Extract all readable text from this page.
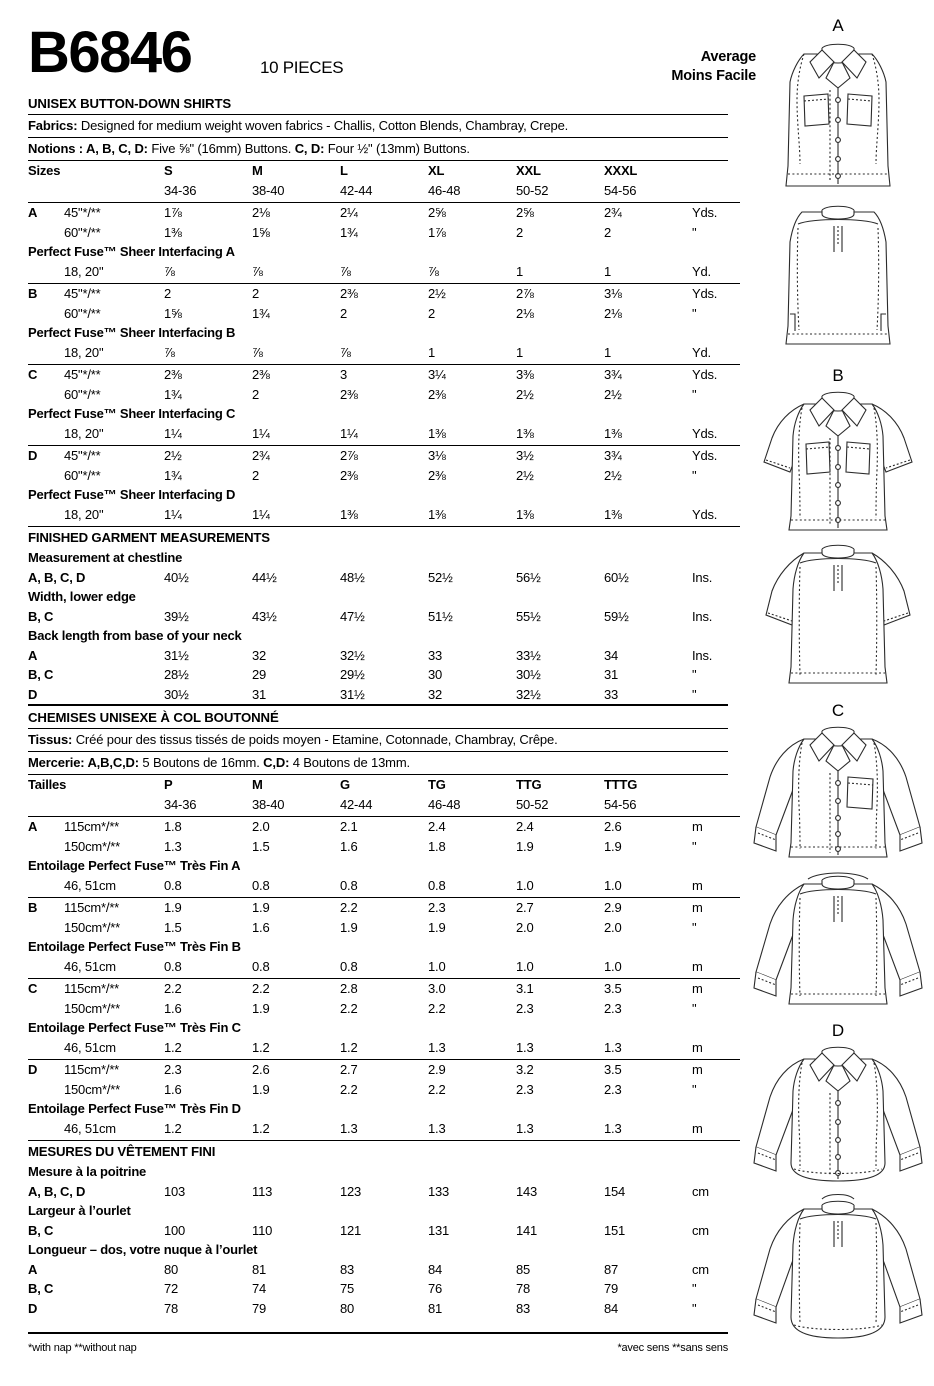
B6846	10 PIECES
Average
Moins Facile
UNISEX BUTTON-DOWN SHIRTS
Fabrics: Designed for medium weight woven fabrics - Challis, Cotton Blends, Chambray, Crepe.
Notions : A, B, C, D: Five ⅝" (16mm) Buttons. C, D: Four ½" (13mm) Buttons.
Sizes		S	M	L	XL	XXL	XXXL	
		34-36	38-40	42-44	46-48	50-52	54-56	

A	45"*/**	1⅞	2⅛	2¼	2⅝	2⅝	2¾	Yds.
	60"*/**	1⅜	1⅝	1¾	1⅞	2	2	"
Perfect Fuse™ Sheer Interfacing A								
	18, 20"	⅞	⅞	⅞	⅞	1	1	Yd.

B	45"*/**	2	2	2⅜	2½	2⅞	3⅛	Yds.
	60"*/**	1⅝	1¾	2	2	2⅛	2⅛	"
Perfect Fuse™ Sheer Interfacing B								
	18, 20"	⅞	⅞	⅞	1	1	1	Yd.

C	45"*/**	2⅜	2⅜	3	3¼	3⅜	3¾	Yds.
	60"*/**	1¾	2	2⅜	2⅜	2½	2½	"
Perfect Fuse™ Sheer Interfacing C								
	18, 20"	1¼	1¼	1¼	1⅜	1⅜	1⅜	Yds.

D	45"*/**	2½	2¾	2⅞	3⅛	3½	3¾	Yds.
	60"*/**	1¾	2	2⅜	2⅜	2½	2½	"
Perfect Fuse™ Sheer Interfacing D								
	18, 20"	1¼	1¼	1⅜	1⅜	1⅜	1⅜	Yds.

FINISHED GARMENT MEASUREMENTS
Measurement at chestline								
A, B, C, D		40½	44½	48½	52½	56½	60½	Ins.
Width, lower edge								
B, C		39½	43½	47½	51½	55½	59½	Ins.
Back length from base of your neck								
A		31½	32	32½	33	33½	34	Ins.
B, C		28½	29	29½	30	30½	31	"
D		30½	31	31½	32	32½	33	"
CHEMISES UNISEXE À COL BOUTONNÉ
Tissus: Créé pour des tissus tissés de poids moyen - Etamine, Cotonnade, Chambray, Crêpe.
Mercerie: A,B,C,D: 5 Boutons de 16mm. C,D: 4 Boutons de 13mm.
Tailles		P	M	G	TG	TTG	TTTG	
		34-36	38-40	42-44	46-48	50-52	54-56	

A	115cm*/**	1.8	2.0	2.1	2.4	2.4	2.6	m
	150cm*/**	1.3	1.5	1.6	1.8	1.9	1.9	"
Entoilage Perfect Fuse™ Très Fin A								
	46, 51cm	0.8	0.8	0.8	0.8	1.0	1.0	m

B	115cm*/**	1.9	1.9	2.2	2.3	2.7	2.9	m
	150cm*/**	1.5	1.6	1.9	1.9	2.0	2.0	"
Entoilage Perfect Fuse™ Très Fin B								
	46, 51cm	0.8	0.8	0.8	1.0	1.0	1.0	m

C	115cm*/**	2.2	2.2	2.8	3.0	3.1	3.5	m
	150cm*/**	1.6	1.9	2.2	2.2	2.3	2.3	"
Entoilage Perfect Fuse™ Très Fin C								
	46, 51cm	1.2	1.2	1.2	1.3	1.3	1.3	m

D	115cm*/**	2.3	2.6	2.7	2.9	3.2	3.5	m
	150cm*/**	1.6	1.9	2.2	2.2	2.3	2.3	"
Entoilage Perfect Fuse™ Très Fin D								
	46, 51cm	1.2	1.2	1.3	1.3	1.3	1.3	m

MESURES DU VÊTEMENT FINI
Mesure à la poitrine								
A, B, C, D		103	113	123	133	143	154	cm
Largeur à l’ourlet								
B, C		100	110	121	131	141	151	cm
Longueur – dos, votre nuque à l’ourlet								
A		80	81	83	84	85	87	cm
B, C		72	74	75	76	78	79	"
D		78	79	80	81	83	84	"
*with nap **without nap	*avec sens **sans sens
A
B
C
D
